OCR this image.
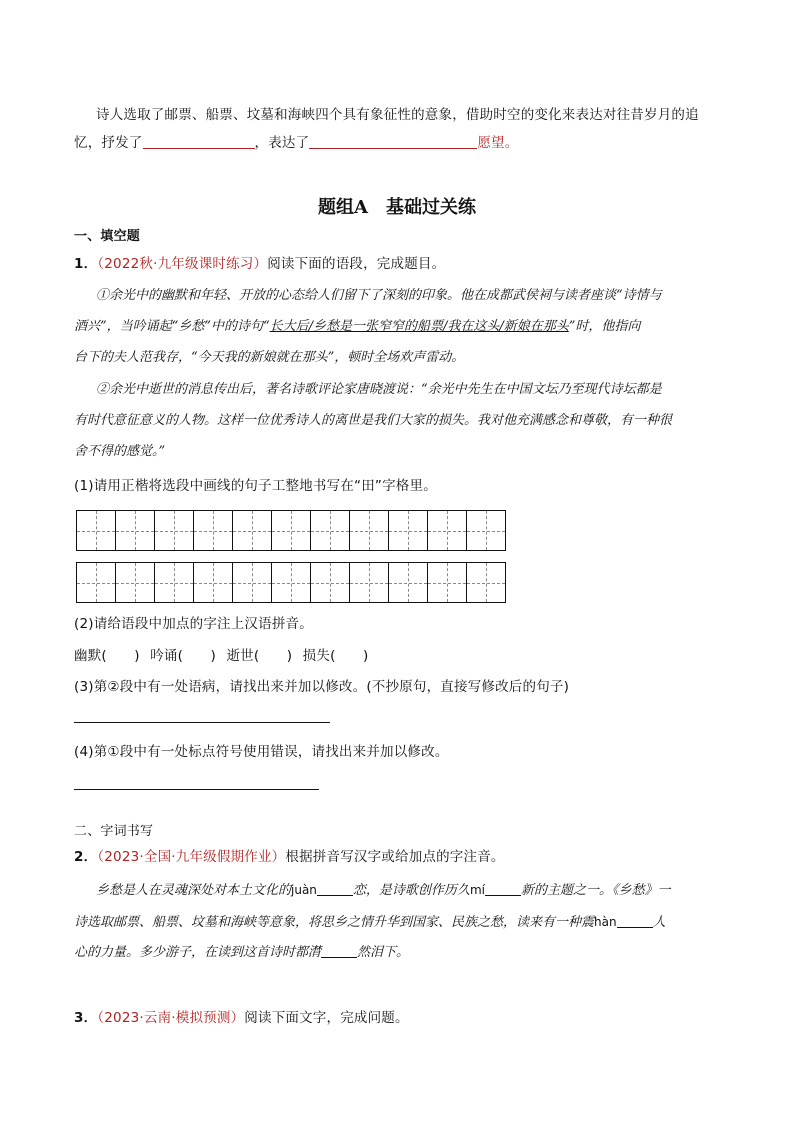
诗人选取了邮票、船票、坟墓和海峡四个具有象征性的意象，借助时空的变化来表达对往昔岁月的追
忆，抒发了	，表达了	愿望。
题组A　基础过关练
一、填空题
1．（2022秋·九年级课时练习）阅读下面的语段，完成题目。
①余光中的幽默和年轻、开放的心态给人们留下了深刻的印象。他在成都武侯祠与读者座谈“诗情与
酒兴”，当吟诵起“乡愁”中的诗句“长大后/乡愁是一张窄窄的船票/我在这头/新娘在那头”时，他指向
台下的夫人范我存，“今天我的新娘就在那头”，顿时全场欢声雷动。
②余光中逝世的消息传出后，著名诗歌评论家唐晓渡说：“余光中先生在中国文坛乃至现代诗坛都是
有时代意征意义的人物。这样一位优秀诗人的离世是我们大家的损失。我对他充满感念和尊敬，有一种很
舍不得的感觉。”
(1)请用正楷将选段中画线的句子工整地书写在“田”字格里。
(2)请给语段中加点的字注上汉语拼音。
幽默(　　) 吟诵(　　) 逝世(　　) 损失(　　)
(3)第②段中有一处语病，请找出来并加以修改。(不抄原句，直接写修改后的句子)
(4)第①段中有一处标点符号使用错误，请找出来并加以修改。
二、字词书写
2．（2023·全国·九年级假期作业）根据拼音写汉字或给加点的字注音。
乡愁是人在灵魂深处对本土文化的juàn	恋，是诗歌创作历久mí	新的主题之一。《乡愁》一
诗选取邮票、船票、坟墓和海峡等意象，将思乡之情升华到国家、民族之愁，读来有一种震hàn	人
心的力量。多少游子，在读到这首诗时都潸	然泪下。
3．（2023·云南·模拟预测）阅读下面文字，完成问题。
